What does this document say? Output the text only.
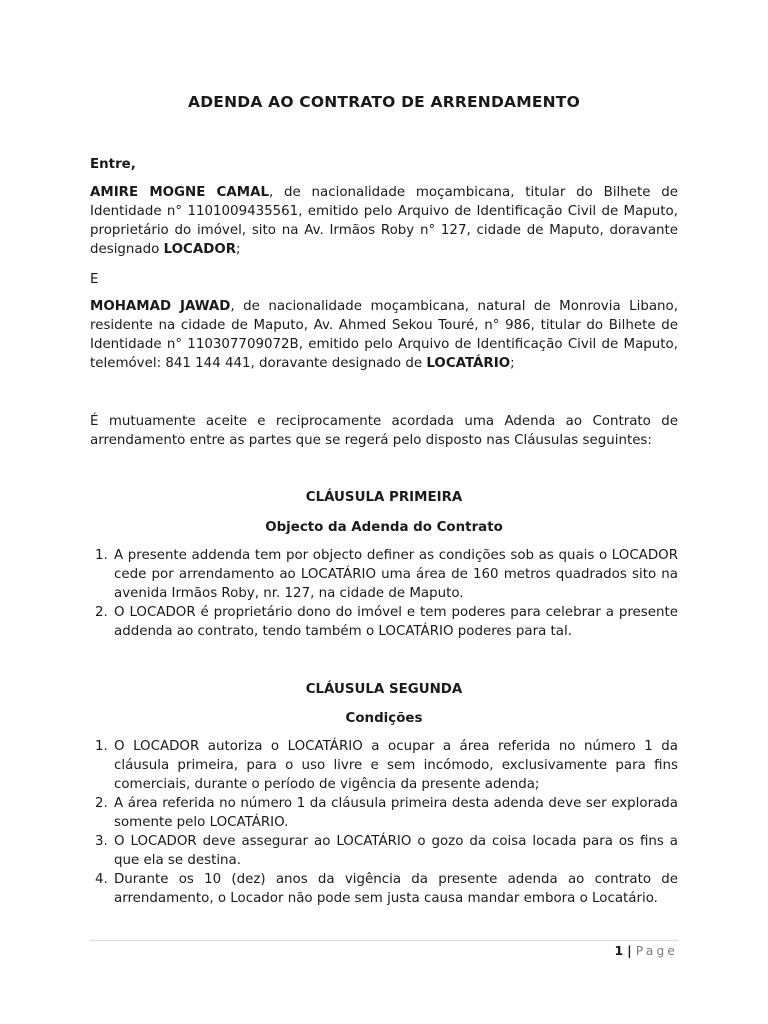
ADENDA AO CONTRATO DE ARRENDAMENTO
Entre,
AMIRE MOGNE CAMAL, de nacionalidade moçambicana, titular do Bilhete de Identidade n° 1101009435561, emitido pelo Arquivo de Identificação Civil de Maputo, proprietário do imóvel, sito na Av. Irmãos Roby n° 127, cidade de Maputo, doravante designado LOCADOR;
E
MOHAMAD JAWAD, de nacionalidade moçambicana, natural de Monrovia Libano, residente na cidade de Maputo, Av. Ahmed Sekou Touré, n° 986, titular do Bilhete de Identidade n° 110307709072B, emitido pelo Arquivo de Identificação Civil de Maputo, telemóvel: 841 144 441, doravante designado de LOCATÁRIO;
É mutuamente aceite e reciprocamente acordada uma Adenda ao Contrato de arrendamento entre as partes que se regerá pelo disposto nas Cláusulas seguintes:
CLÁUSULA PRIMEIRA
Objecto da Adenda do Contrato
1. A presente addenda tem por objecto definer as condições sob as quais o LOCADOR cede por arrendamento ao LOCATÁRIO uma área de 160 metros quadrados sito na avenida Irmãos Roby, nr. 127, na cidade de Maputo.
2. O LOCADOR é proprietário dono do imóvel e tem poderes para celebrar a presente addenda ao contrato, tendo também o LOCATÁRIO poderes para tal.
CLÁUSULA SEGUNDA
Condições
1. O LOCADOR autoriza o LOCATÁRIO a ocupar a área referida no número 1 da cláusula primeira, para o uso livre e sem incómodo, exclusivamente para fins comerciais, durante o período de vigência da presente adenda;
2. A área referida no número 1 da cláusula primeira desta adenda deve ser explorada somente pelo LOCATÁRIO.
3. O LOCADOR deve assegurar ao LOCATÁRIO o gozo da coisa locada para os fins a que ela se destina.
4. Durante os 10 (dez) anos da vigência da presente adenda ao contrato de arrendamento, o Locador não pode sem justa causa mandar embora o Locatário.
1 | Page
